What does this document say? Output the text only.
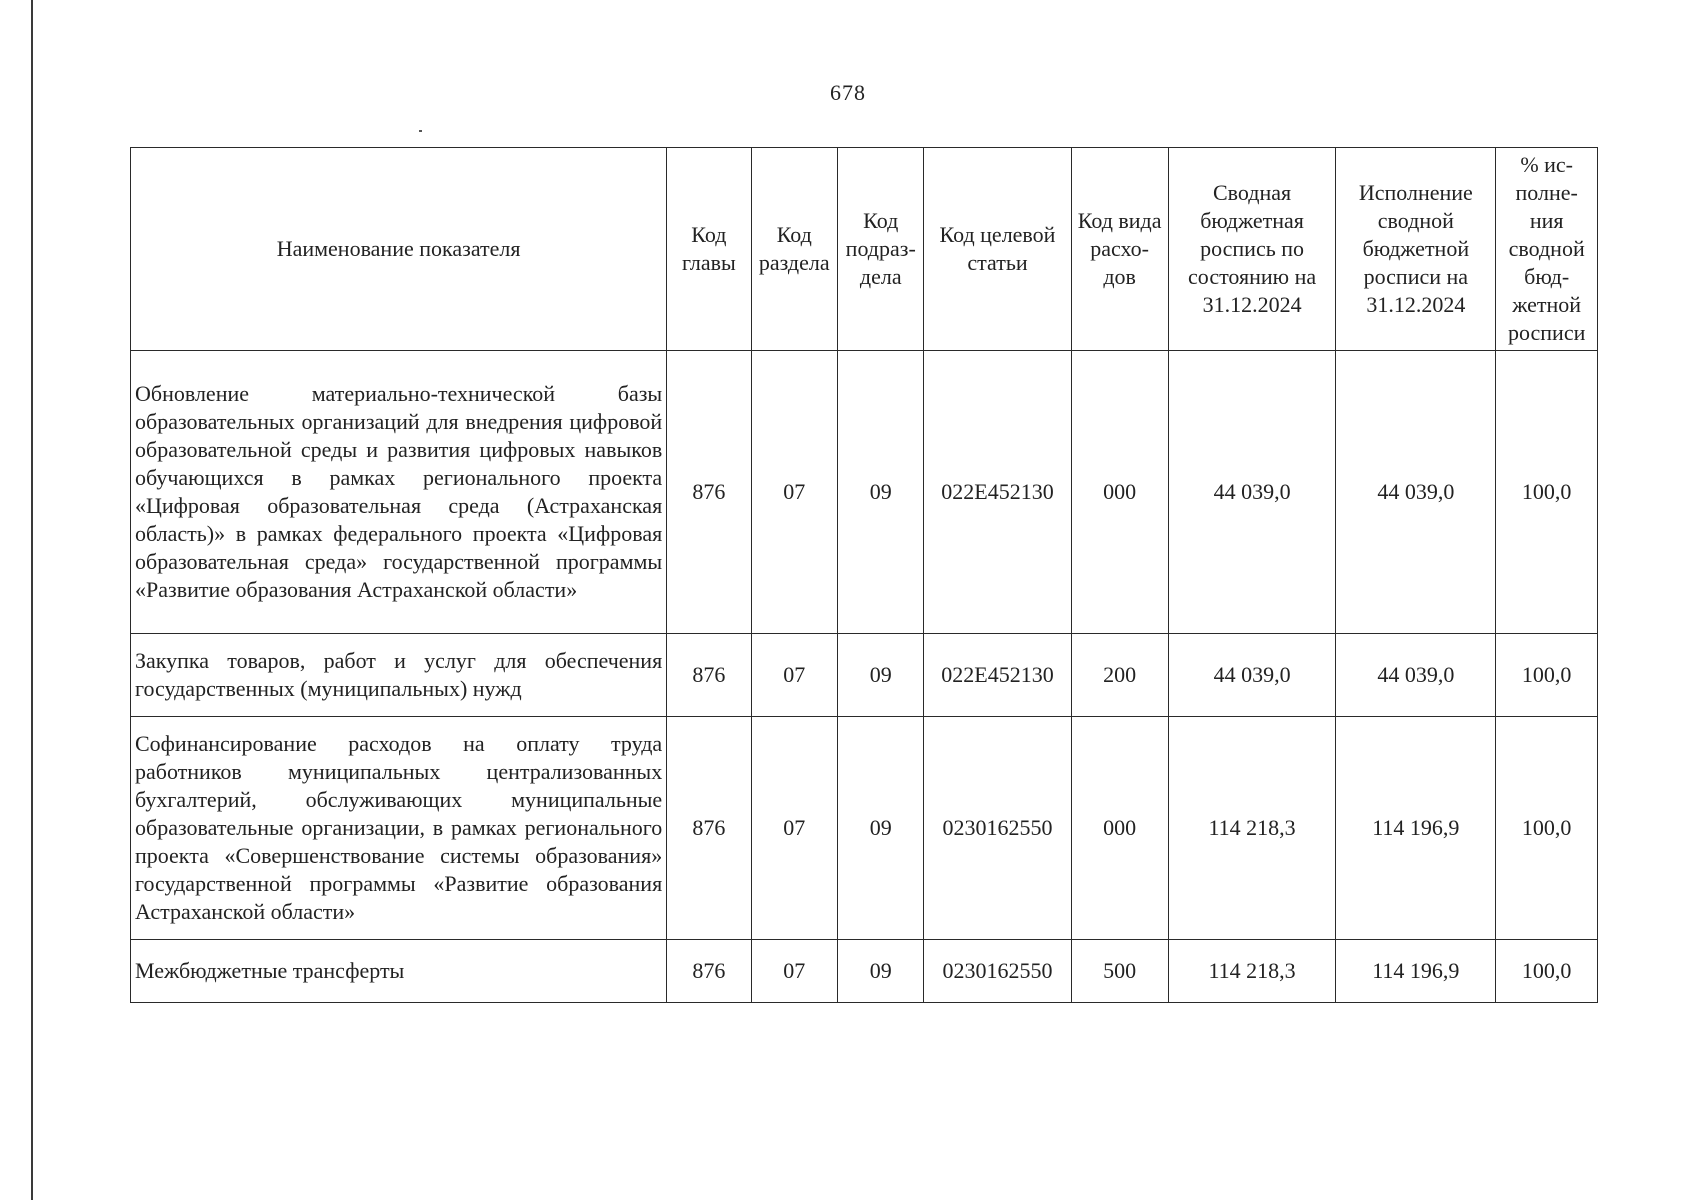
678
Наименование показателя	Код главы	Код раздела	Код подраз-дела	Код целевой статьи	Код вида расхо-дов	Сводная бюджетная роспись по состоянию на 31.12.2024	Исполнение сводной бюджетной росписи на 31.12.2024	% ис-полне-ния сводной бюд-жетной росписи
Обновление материально-технической базы образовательных организаций для внедрения цифровой образовательной среды и развития цифровых навыков обучающихся в рамках регионального проекта «Цифровая образовательная среда (Астраханская область)» в рамках федерального проекта «Цифровая образовательная среда» государственной программы «Развитие образования Астраханской области»	876	07	09	022E452130	000	44 039,0	44 039,0	100,0
Закупка товаров, работ и услуг для обеспечения государственных (муниципальных) нужд	876	07	09	022E452130	200	44 039,0	44 039,0	100,0
Софинансирование расходов на оплату труда работников муниципальных централизованных бухгалтерий, обслуживающих муниципальные образовательные организации, в рамках регионального проекта «Совершенствование системы образования» государственной программы «Развитие образования Астраханской области»	876	07	09	0230162550	000	114 218,3	114 196,9	100,0
Межбюджетные трансферты	876	07	09	0230162550	500	114 218,3	114 196,9	100,0
